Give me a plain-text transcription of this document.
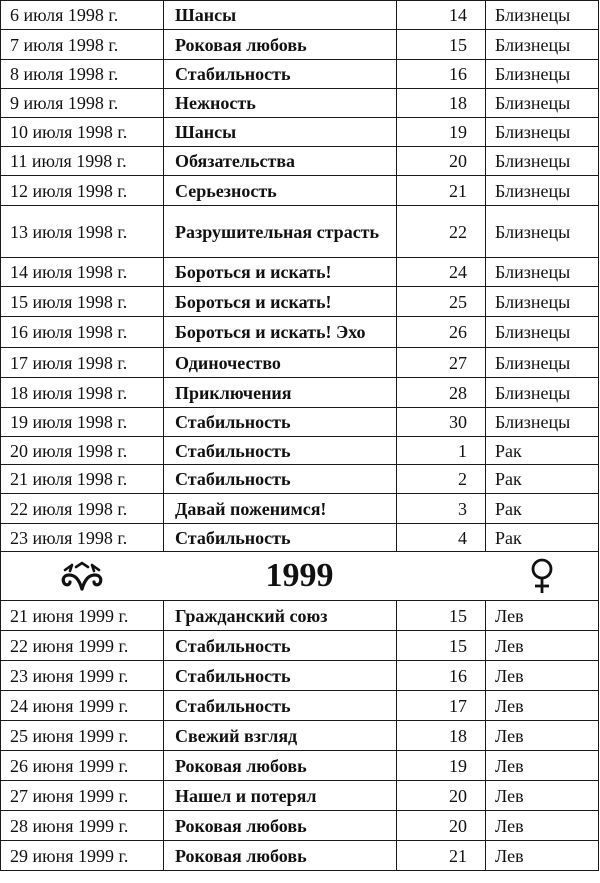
6 июля 1998 г.	Шансы	14	Близнецы
7 июля 1998 г.	Роковая любовь	15	Близнецы
8 июля 1998 г.	Стабильность	16	Близнецы
9 июля 1998 г.	Нежность	18	Близнецы
10 июля 1998 г.	Шансы	19	Близнецы
11 июля 1998 г.	Обязательства	20	Близнецы
12 июля 1998 г.	Серьезность	21	Близнецы
13 июля 1998 г.	Разрушительная страсть	22	Близнецы
14 июля 1998 г.	Бороться и искать!	24	Близнецы
15 июля 1998 г.	Бороться и искать!	25	Близнецы
16 июля 1998 г.	Бороться и искать! Эхо	26	Близнецы
17 июля 1998 г.	Одиночество	27	Близнецы
18 июля 1998 г.	Приключения	28	Близнецы
19 июля 1998 г.	Стабильность	30	Близнецы
20 июля 1998 г.	Стабильность	1	Рак
21 июля 1998 г.	Стабильность	2	Рак
22 июля 1998 г.	Давай поженимся!	3	Рак
23 июля 1998 г.	Стабильность	4	Рак

1999			

21 июня 1999 г.	Гражданский союз	15	Лев
22 июня 1999 г.	Стабильность	15	Лев
23 июня 1999 г.	Стабильность	16	Лев
24 июня 1999 г.	Стабильность	17	Лев
25 июня 1999 г.	Свежий взгляд	18	Лев
26 июня 1999 г.	Роковая любовь	19	Лев
27 июня 1999 г.	Нашел и потерял	20	Лев
28 июня 1999 г.	Роковая любовь	20	Лев
29 июня 1999 г.	Роковая любовь	21	Лев
